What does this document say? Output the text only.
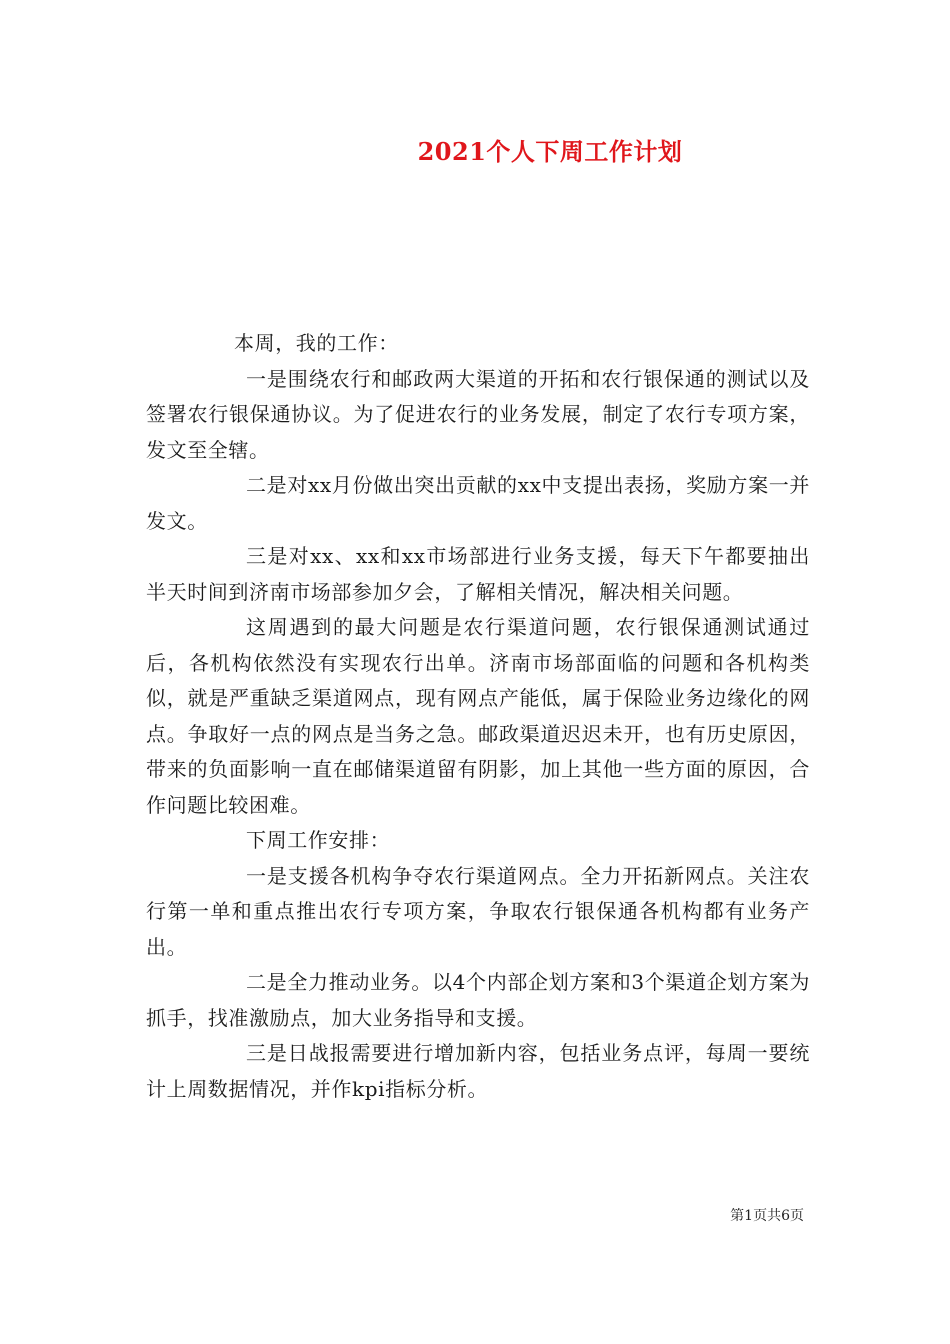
2021个人下周工作计划

本周，我的工作：

一是围绕农行和邮政两大渠道的开拓和农行银保通的测试以及签署农行银保通协议。为了促进农行的业务发展，制定了农行专项方案，发文至全辖。

二是对xx月份做出突出贡献的xx中支提出表扬，奖励方案一并发文。

三是对xx、xx和xx市场部进行业务支援，每天下午都要抽出半天时间到济南市场部参加夕会，了解相关情况，解决相关问题。

这周遇到的最大问题是农行渠道问题，农行银保通测试通过后，各机构依然没有实现农行出单。济南市场部面临的问题和各机构类似，就是严重缺乏渠道网点，现有网点产能低，属于保险业务边缘化的网点。争取好一点的网点是当务之急。邮政渠道迟迟未开，也有历史原因，带来的负面影响一直在邮储渠道留有阴影，加上其他一些方面的原因，合作问题比较困难。

下周工作安排：

一是支援各机构争夺农行渠道网点。全力开拓新网点。关注农行第一单和重点推出农行专项方案，争取农行银保通各机构都有业务产出。

二是全力推动业务。以4个内部企划方案和3个渠道企划方案为抓手，找准激励点，加大业务指导和支援。

三是日战报需要进行增加新内容，包括业务点评，每周一要统计上周数据情况，并作kpi指标分析。

第1页共6页
